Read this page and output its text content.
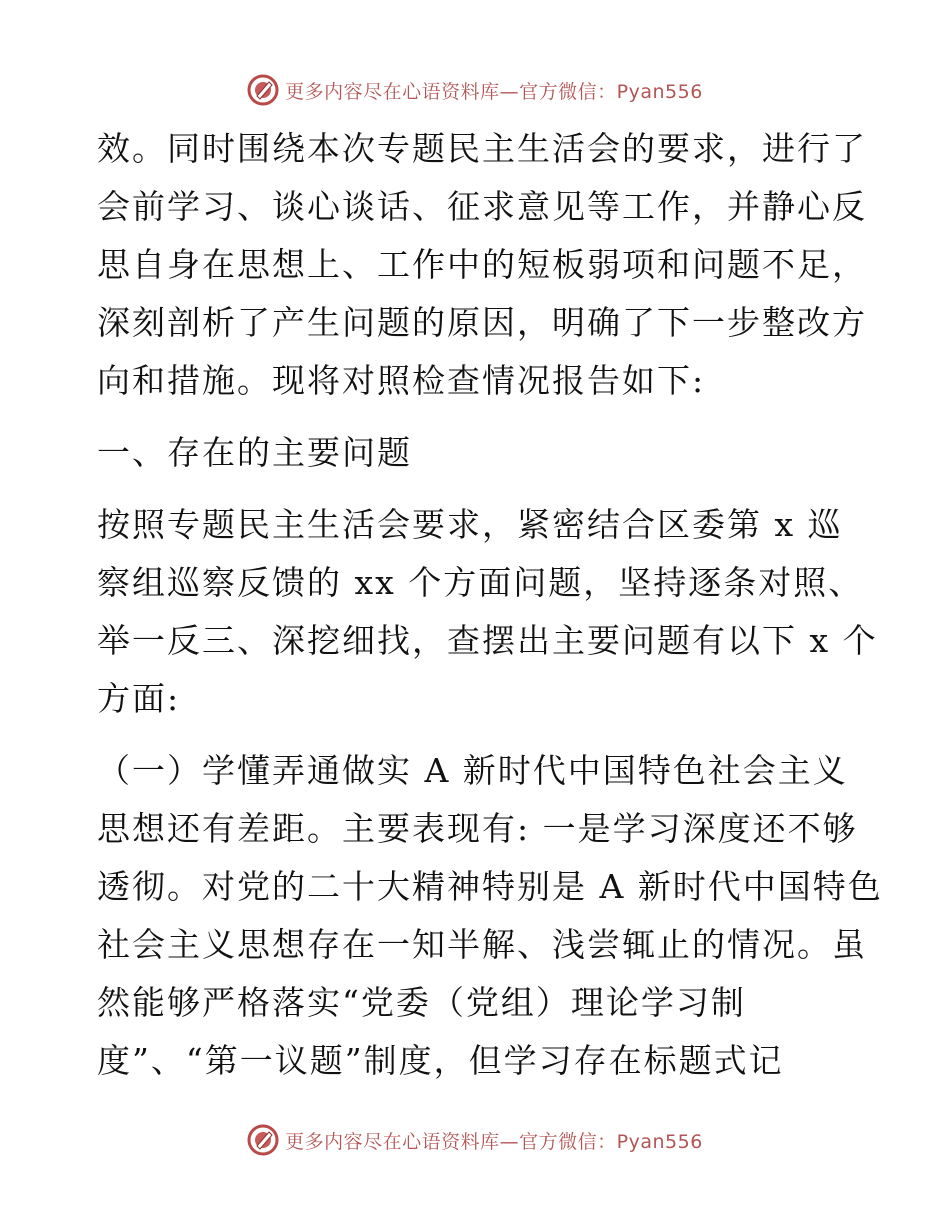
更多内容尽在心语资料库—官方微信：Pyan556
效。同时围绕本次专题民主生活会的要求，进行了
会前学习、谈心谈话、征求意见等工作，并静心反
思自身在思想上、工作中的短板弱项和问题不足，
深刻剖析了产生问题的原因，明确了下一步整改方
向和措施。现将对照检查情况报告如下:
一、存在的主要问题
按照专题民主生活会要求，紧密结合区委第 x 巡
察组巡察反馈的 xx 个方面问题，坚持逐条对照、
举一反三、深挖细找，查摆出主要问题有以下 x 个
方面:
（一）学懂弄通做实 A 新时代中国特色社会主义
思想还有差距。主要表现有: 一是学习深度还不够
透彻。对党的二十大精神特别是 A 新时代中国特色
社会主义思想存在一知半解、浅尝辄止的情况。虽
然能够严格落实“党委（党组）理论学习制
度”、“第一议题”制度，但学习存在标题式记
更多内容尽在心语资料库—官方微信：Pyan556
